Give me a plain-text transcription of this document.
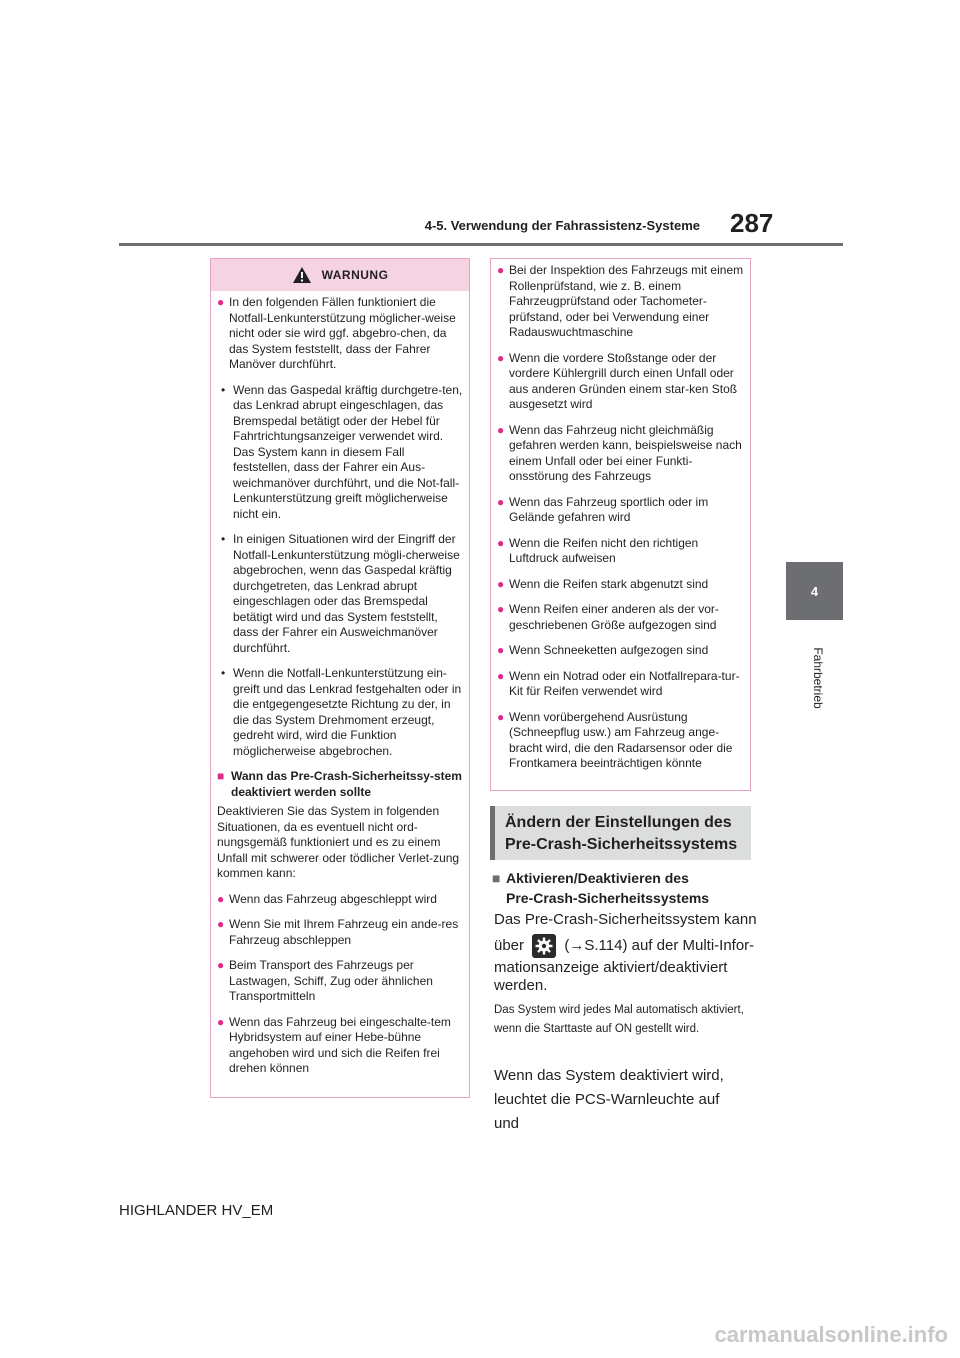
4-5. Verwendung der Fahrassistenz-Systeme 287
4
Fahrbetrieb
WARNUNG
● In den folgenden Fällen funktioniert die Notfall-Lenkunterstützung möglicher-weise nicht oder sie wird ggf. abgebro-chen, da das System feststellt, dass der Fahrer Manöver durchführt.
• Wenn das Gaspedal kräftig durchgetre-ten, das Lenkrad abrupt eingeschlagen, das Bremspedal betätigt oder der Hebel für Fahrtrichtungsanzeiger verwendet wird. Das System kann in diesem Fall feststellen, dass der Fahrer ein Aus-weichmanöver durchführt, und die Not-fall-Lenkunterstützung greift möglicherweise nicht ein.
• In einigen Situationen wird der Eingriff der Notfall-Lenkunterstützung mögli-cherweise abgebrochen, wenn das Gaspedal kräftig durchgetreten, das Lenkrad abrupt eingeschlagen oder das Bremspedal betätigt wird und das System feststellt, dass der Fahrer ein Ausweichmanöver durchführt.
• Wenn die Notfall-Lenkunterstützung ein-greift und das Lenkrad festgehalten oder in die entgegengesetzte Richtung zu der, in die das System Drehmoment erzeugt, gedreht wird, wird die Funktion möglicherweise abgebrochen.
■ Wann das Pre-Crash-Sicherheitssy-stem deaktiviert werden sollte
Deaktivieren Sie das System in folgenden Situationen, da es eventuell nicht ord-nungsgemäß funktioniert und es zu einem Unfall mit schwerer oder tödlicher Verlet-zung kommen kann:
● Wenn das Fahrzeug abgeschleppt wird
● Wenn Sie mit Ihrem Fahrzeug ein ande-res Fahrzeug abschleppen
● Beim Transport des Fahrzeugs per Lastwagen, Schiff, Zug oder ähnlichen Transportmitteln
● Wenn das Fahrzeug bei eingeschalte-tem Hybridsystem auf einer Hebe-bühne angehoben wird und sich die Reifen frei drehen können
● Bei der Inspektion des Fahrzeugs mit einem Rollenprüfstand, wie z. B. einem Fahrzeugprüfstand oder Tachometer-prüfstand, oder bei Verwendung einer Radauswuchtmaschine
● Wenn die vordere Stoßstange oder der vordere Kühlergrill durch einen Unfall oder aus anderen Gründen einem star-ken Stoß ausgesetzt wird
● Wenn das Fahrzeug nicht gleichmäßig gefahren werden kann, beispielsweise nach einem Unfall oder bei einer Funkti-onsstörung des Fahrzeugs
● Wenn das Fahrzeug sportlich oder im Gelände gefahren wird
● Wenn die Reifen nicht den richtigen Luftdruck aufweisen
● Wenn die Reifen stark abgenutzt sind
● Wenn Reifen einer anderen als der vor-geschriebenen Größe aufgezogen sind
● Wenn Schneeketten aufgezogen sind
● Wenn ein Notrad oder ein Notfallrepara-tur-Kit für Reifen verwendet wird
● Wenn vorübergehend Ausrüstung (Schneepflug usw.) am Fahrzeug ange-bracht wird, die den Radarsensor oder die Frontkamera beeinträchtigen könnte
Ändern der Einstellungen des
Pre-Crash-Sicherheitssystems
■ Aktivieren/Deaktivieren des
Pre-Crash-Sicherheitssystems
Das Pre-Crash-Sicherheitssystem kann
über	(→S.114) auf der Multi-Infor-
mationsanzeige aktiviert/deaktiviert
werden.
Das System wird jedes Mal automatisch aktiviert, wenn die Starttaste auf ON gestellt wird.
Wenn das System deaktiviert wird, leuchtet die PCS-Warnleuchte auf und
HIGHLANDER HV_EM
carmanualsonline.info
